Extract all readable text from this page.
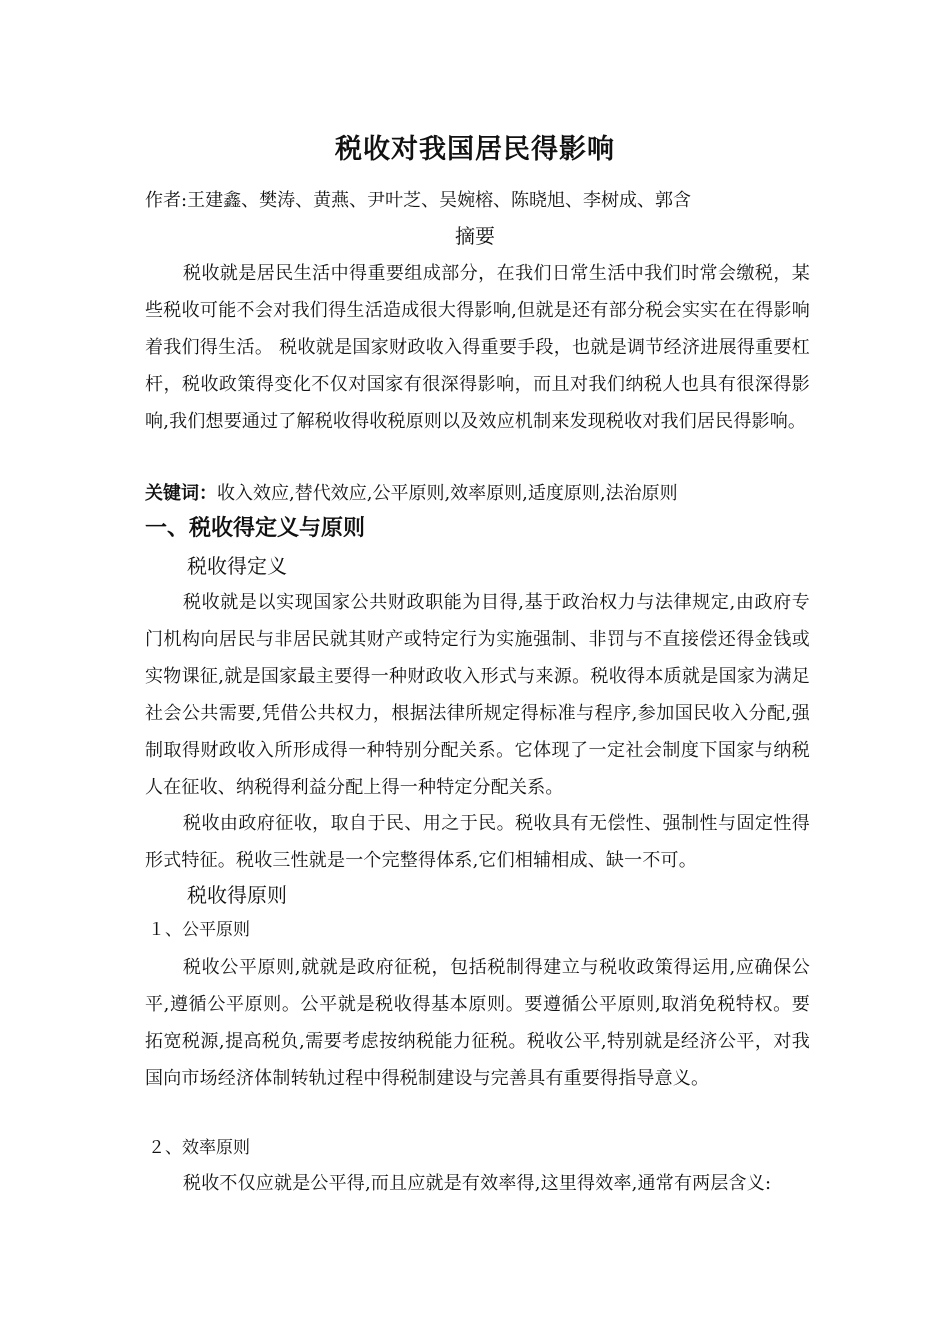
税收对我国居民得影响
作者:王建鑫、樊涛、黄燕、尹叶芝、吴婉榕、陈晓旭、李树成、郭含
摘要
税收就是居民生活中得重要组成部分，在我们日常生活中我们时常会缴税，某些税收可能不会对我们得生活造成很大得影响,但就是还有部分税会实实在在得影响着我们得生活。 税收就是国家财政收入得重要手段，也就是调节经济进展得重要杠杆，税收政策得变化不仅对国家有很深得影响，而且对我们纳税人也具有很深得影响,我们想要通过了解税收得收税原则以及效应机制来发现税收对我们居民得影响。
关键词：收入效应,替代效应,公平原则,效率原则,适度原则,法治原则
一、税收得定义与原则
税收得定义
税收就是以实现国家公共财政职能为目得,基于政治权力与法律规定,由政府专门机构向居民与非居民就其财产或特定行为实施强制、非罚与不直接偿还得金钱或实物课征,就是国家最主要得一种财政收入形式与来源。税收得本质就是国家为满足社会公共需要,凭借公共权力，根据法律所规定得标准与程序,参加国民收入分配,强制取得财政收入所形成得一种特别分配关系。它体现了一定社会制度下国家与纳税人在征收、纳税得利益分配上得一种特定分配关系。
税收由政府征收，取自于民、用之于民。税收具有无偿性、强制性与固定性得形式特征。税收三性就是一个完整得体系,它们相辅相成、缺一不可。
税收得原则
１、公平原则
税收公平原则,就就是政府征税，包括税制得建立与税收政策得运用,应确保公平,遵循公平原则。公平就是税收得基本原则。要遵循公平原则,取消免税特权。要拓宽税源,提高税负,需要考虑按纳税能力征税。税收公平,特别就是经济公平，对我国向市场经济体制转轨过程中得税制建设与完善具有重要得指导意义。
２、效率原则
税收不仅应就是公平得,而且应就是有效率得,这里得效率,通常有两层含义:
